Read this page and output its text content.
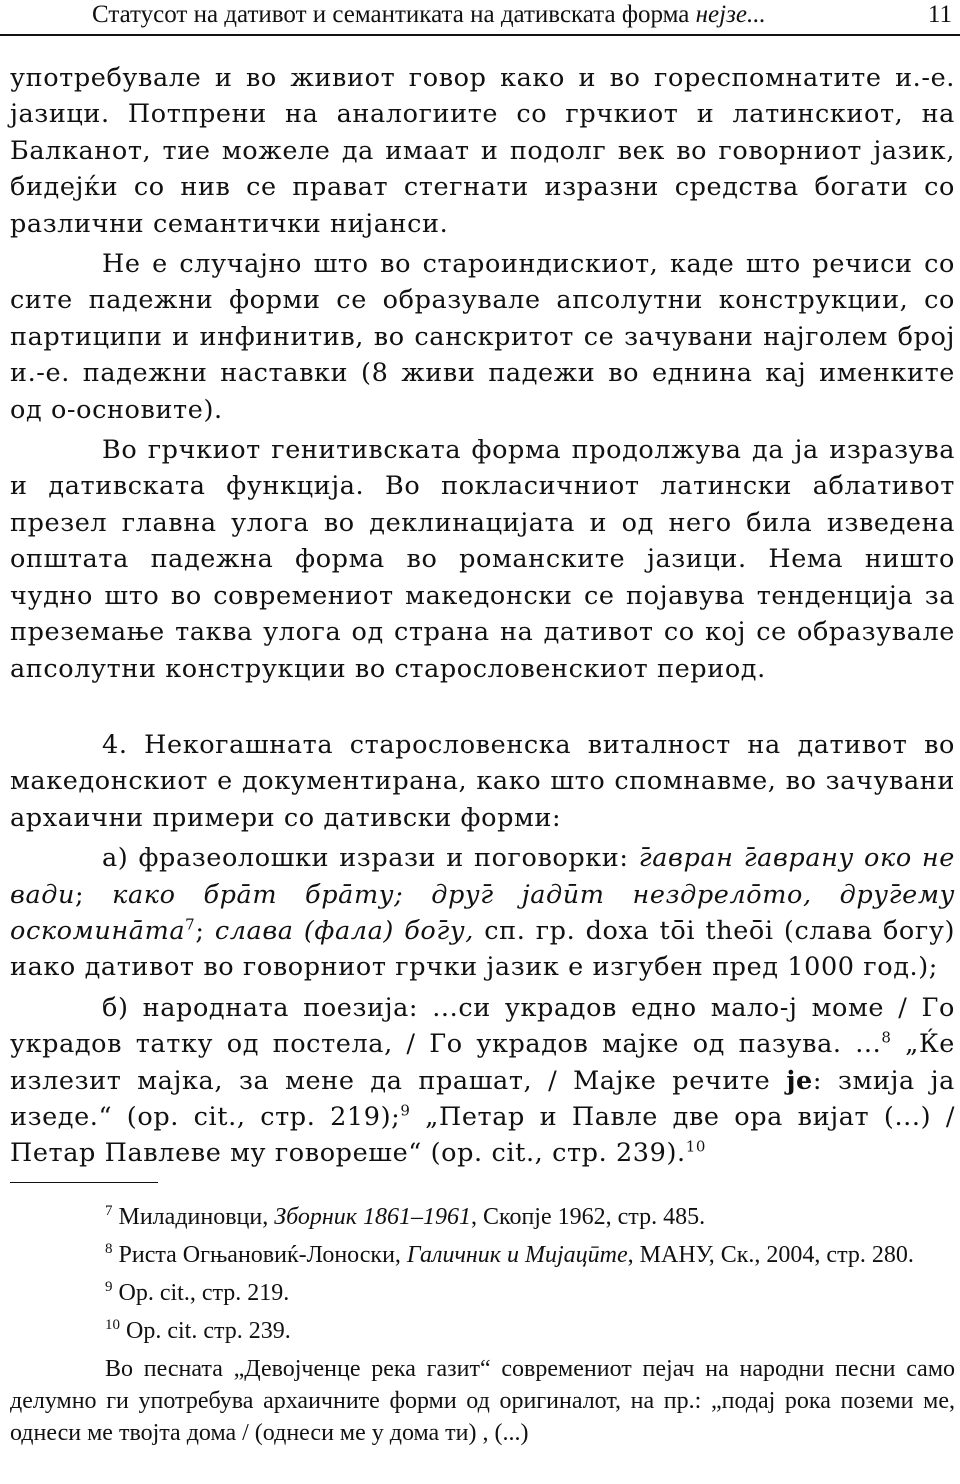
Статусот на дативот и семантиката на дативската форма нејзе...	11

употребувале и во живиот говор како и во гореспомнатите и.-е. јазици. Потпрени на аналогиите со грчкиот и латинскиот, на Балканот, тие можеле да имаат и подолг век во говорниот јазик, бидејќи со нив се прават стегнати изразни средства богати со различни семантички нијанси.

Не е случајно што во староиндискиот, каде што речиси со сите падежни форми се образувале апсолутни конструкции, со партиципи и инфинитив, во санскритот се зачувани најголем број и.-е. падежни наставки (8 живи падежи во еднина кај именките од о-основите).

Во грчкиот генитивската форма продолжува да ја изразува и дативската функција. Во покласичниот латински аблативот презел главна улога во деклинацијата и од него била изведена општата падежна форма во романските јазици. Нема ништо чудно што во современиот македонски се појавува тенденција за преземање таква улога од страна на дативот со кој се образувале апсолутни конструкции во старословенскиот период.

4. Некогашната старословенска виталност на дативот во македонскиот е документирана, како што спомнавме, во зачувани архаични примери со дативски форми:

а) фразеолошки изрази и поговорки: г̄авран г̄аврану око не вади; како бра̄т бра̄ту; друг̄ јадӣт нездрело̄то, друг̄ему $оскомина̄та^7$; слава (фала) бог̄у, сп. гр. doxa tō̄i theō̄i (слава богу) иако дативот во говорниот грчки јазик е изгубен пред 1000 год.);

б) народната поезија: ...си украдов едно мало-ј моме / Го украдов татку од постела, / Го украдов мајке од пазува. ...$^8$ „Ќе излезит мајка, за мене да прашат, / Мајке речите је: змија ја изеде.“ (op. cit., стр. 219);$^9$ „Петар и Павле две ора вијат (...) / Петар Павлеве му говореше“ (op. cit., стр. 239).$^{10}$

$^7$ Миладиновци, Зборник 1861–1961, Скопје 1962, стр. 485.

$^8$ Риста Огњановиќ-Лоноски, Галичник и Мијацӣте, МАНУ, Ск., 2004, стр. 280.

$^9$ Op. cit., стр. 219.

$^{10}$ Op. cit. стр. 239.

Во песната „Девојченце река газит“ современиот пејач на народни песни само делумно ги употребува архаичните форми од оригиналот, на пр.: „подај рока поземи ме, однеси ме твојта дома / (однеси ме у дома ти) , (...)
